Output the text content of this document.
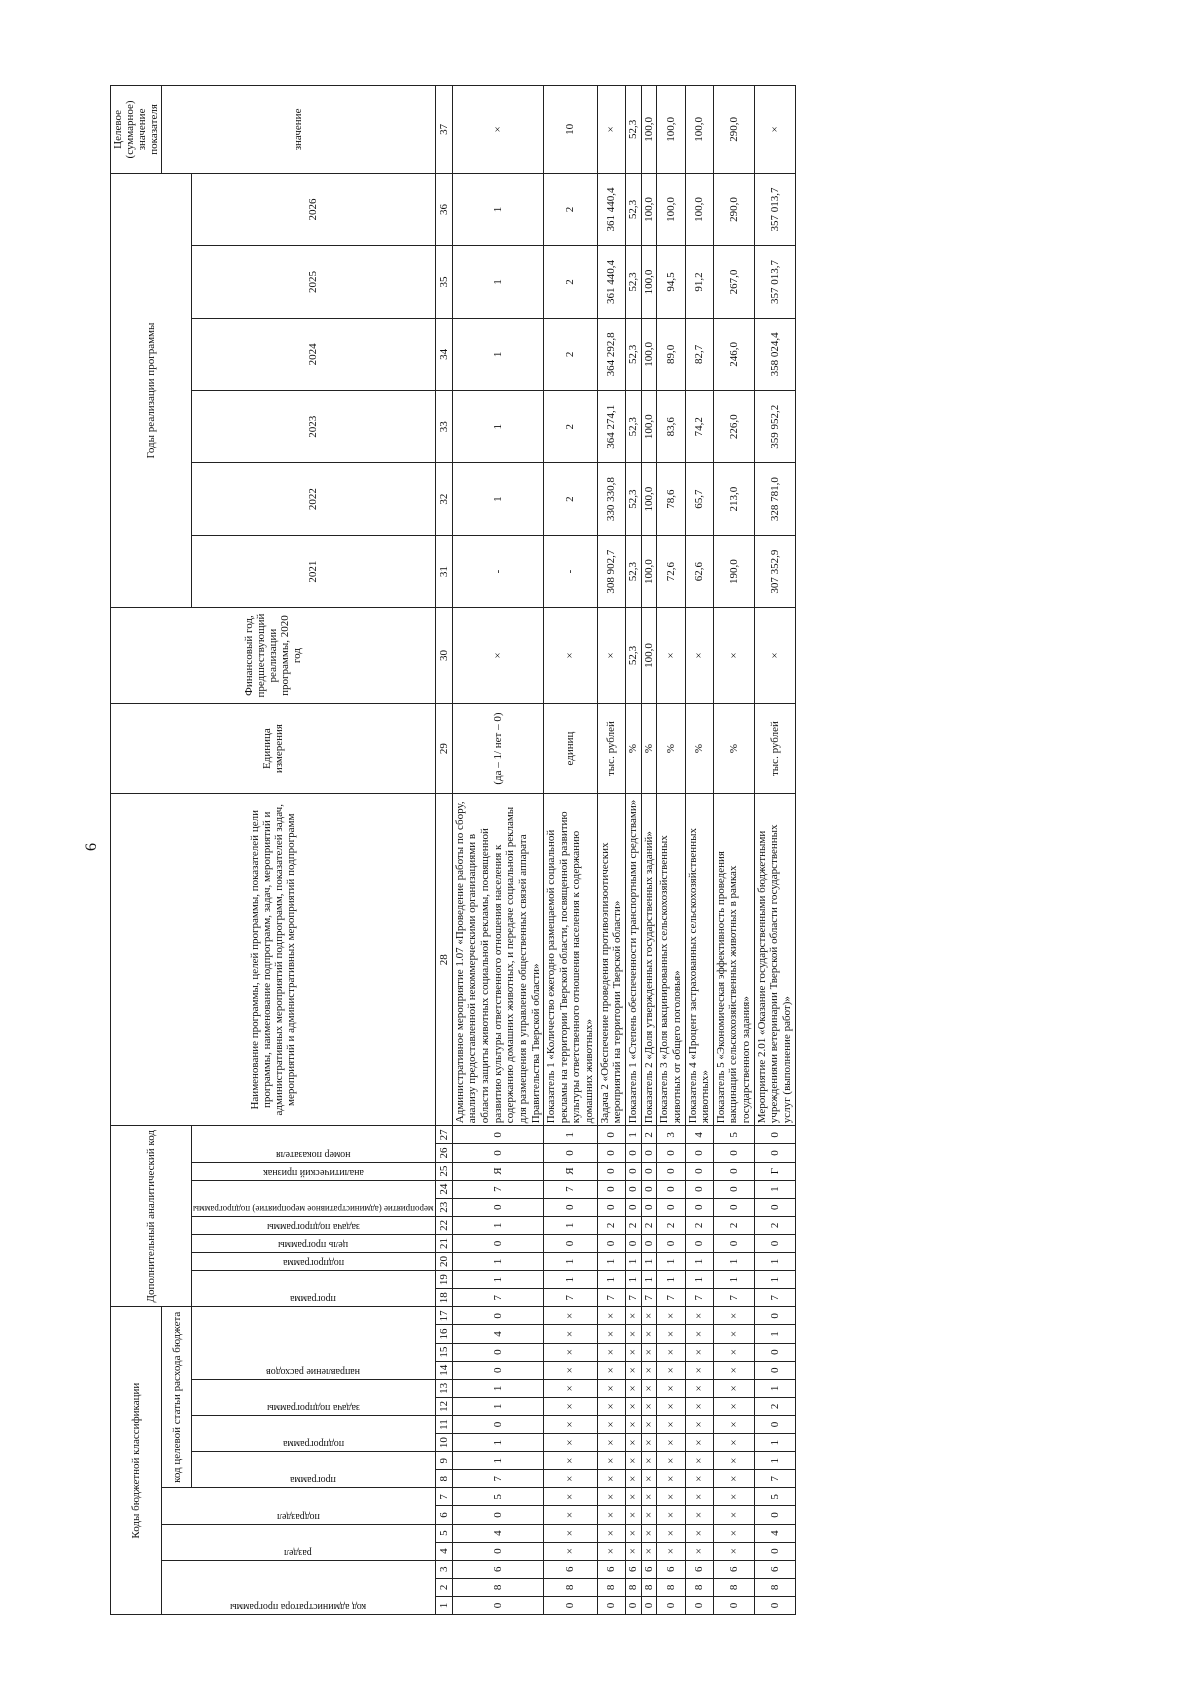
6
Коды бюджетной классификации																	Дополнительный аналитический код										Наименование программы, целей программы, показателей цели программы, наименование подпрограмм, задач, мероприятий и административных мероприятий подпрограмм, показателей задач, мероприятий и административных мероприятий подпрограмм	Единица измерения	Финансовый год, предшествующий реализации программы, 2020 год	Годы реализации программы						Целевое (суммарное) значение показателя

код администратора программы			раздел		подраздел		код целевой статьи расхода бюджета																													значение

							программа		подпрограмма		задача подпрограммы		направление расходов				программа		подпрограмма	цель программы	задача подпрограммы	мероприятие (административное мероприятие) подпрограммы		аналитический признак	номер показателя					2021	2022	2023	2024	2025	2026	
1	2	3	4	5	6	7	8	9	10	11	12	13	14	15	16	17	18	19	20	21	22	23	24	25	26	27	28	29	30	31	32	33	34	35	36	37
0	8	6	0	4	0	5	7	1	1	0	1	1	0	0	4	0	7	1	1	0	1	0	7	Я	0	0	Административное мероприятие 1.07 «Проведение работы по сбору, анализу предоставленной некоммерческими организациями в области защиты животных социальной рекламы, посвященной развитию культуры ответственного отношения населения к содержанию домашних животных, и передаче социальной рекламы для размещения в управление общественных связей аппарата Правительства Тверской области»	(да – 1/ нет – 0)	×	-	1	1	1	1	1	×
0	8	6	×	×	×	×	×	×	×	×	×	×	×	×	×	×	7	1	1	0	1	0	7	Я	0	1	Показатель 1 «Количество ежегодно размещаемой социальной рекламы на территории Тверской области, посвященной развитию культуры ответственного отношения населения к содержанию домашних животных»	единиц	×	-	2	2	2	2	2	10
0	8	6	×	×	×	×	×	×	×	×	×	×	×	×	×	×	7	1	1	0	2	0	0	0	0	0	Задача 2 «Обеспечение проведения противоэпизоотических мероприятий на территории Тверской области»	тыс. рублей	×	308 902,7	330 330,8	364 274,1	364 292,8	361 440,4	361 440,4	×
0	8	6	×	×	×	×	×	×	×	×	×	×	×	×	×	×	7	1	1	0	2	0	0	0	0	1	Показатель 1 «Степень обеспеченности транспортными средствами»	%	52,3	52,3	52,3	52,3	52,3	52,3	52,3	52,3
0	8	6	×	×	×	×	×	×	×	×	×	×	×	×	×	×	7	1	1	0	2	0	0	0	0	2	Показатель 2 «Доля утвержденных государственных заданий»	%	100,0	100,0	100,0	100,0	100,0	100,0	100,0	100,0
0	8	6	×	×	×	×	×	×	×	×	×	×	×	×	×	×	7	1	1	0	2	0	0	0	0	3	Показатель 3 «Доля вакцинированных сельскохозяйственных животных от общего поголовья»	%	×	72,6	78,6	83,6	89,0	94,5	100,0	100,0
0	8	6	×	×	×	×	×	×	×	×	×	×	×	×	×	×	7	1	1	0	2	0	0	0	0	4	Показатель 4 «Процент застрахованных сельскохозяйственных животных»	%	×	62,6	65,7	74,2	82,7	91,2	100,0	100,0
0	8	6	×	×	×	×	×	×	×	×	×	×	×	×	×	×	7	1	1	0	2	0	0	0	0	5	Показатель 5 «Экономическая эффективность проведения вакцинаций сельскохозяйственных животных в рамках государственного задания»	%	×	190,0	213,0	226,0	246,0	267,0	290,0	290,0
0	8	6	0	4	0	5	7	1	1	0	2	1	0	0	1	0	7	1	1	0	2	0	1	Г	0	0	Мероприятие 2.01 «Оказание государственными бюджетными учреждениями ветеринарии Тверской области государственных услуг (выполнение работ)»	тыс. рублей	×	307 352,9	328 781,0	359 952,2	358 024,4	357 013,7	357 013,7	×
